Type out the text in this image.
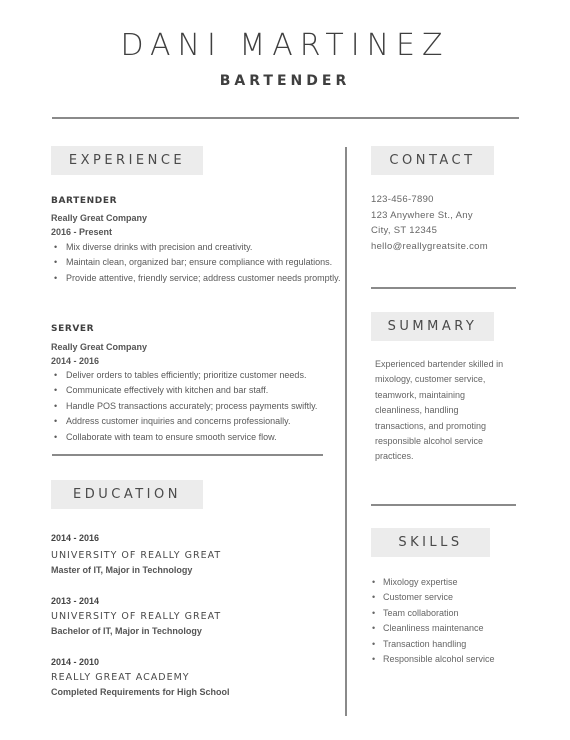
DANI MARTINEZ
BARTENDER
EXPERIENCE
BARTENDER
Really Great Company
2016 - Present
• Mix diverse drinks with precision and creativity.
• Maintain clean, organized bar; ensure compliance with regulations.
• Provide attentive, friendly service; address customer needs promptly.
SERVER
Really Great Company
2014 - 2016
• Deliver orders to tables efficiently; prioritize customer needs.
• Communicate effectively with kitchen and bar staff.
• Handle POS transactions accurately; process payments swiftly.
• Address customer inquiries and concerns professionally.
• Collaborate with team to ensure smooth service flow.
EDUCATION
2014 - 2016
UNIVERSITY OF REALLY GREAT
Master of IT, Major in Technology
2013 - 2014
UNIVERSITY OF REALLY GREAT
Bachelor of IT, Major in Technology
2014 - 2010
REALLY GREAT ACADEMY
Completed Requirements for High School
CONTACT
123-456-7890
123 Anywhere St., Any
City, ST 12345
hello@reallygreatsite.com
SUMMARY
Experienced bartender skilled in
mixology, customer service,
teamwork, maintaining
cleanliness, handling
transactions, and promoting
responsible alcohol service
practices.
SKILLS
• Mixology expertise
• Customer service
• Team collaboration
• Cleanliness maintenance
• Transaction handling
• Responsible alcohol service
